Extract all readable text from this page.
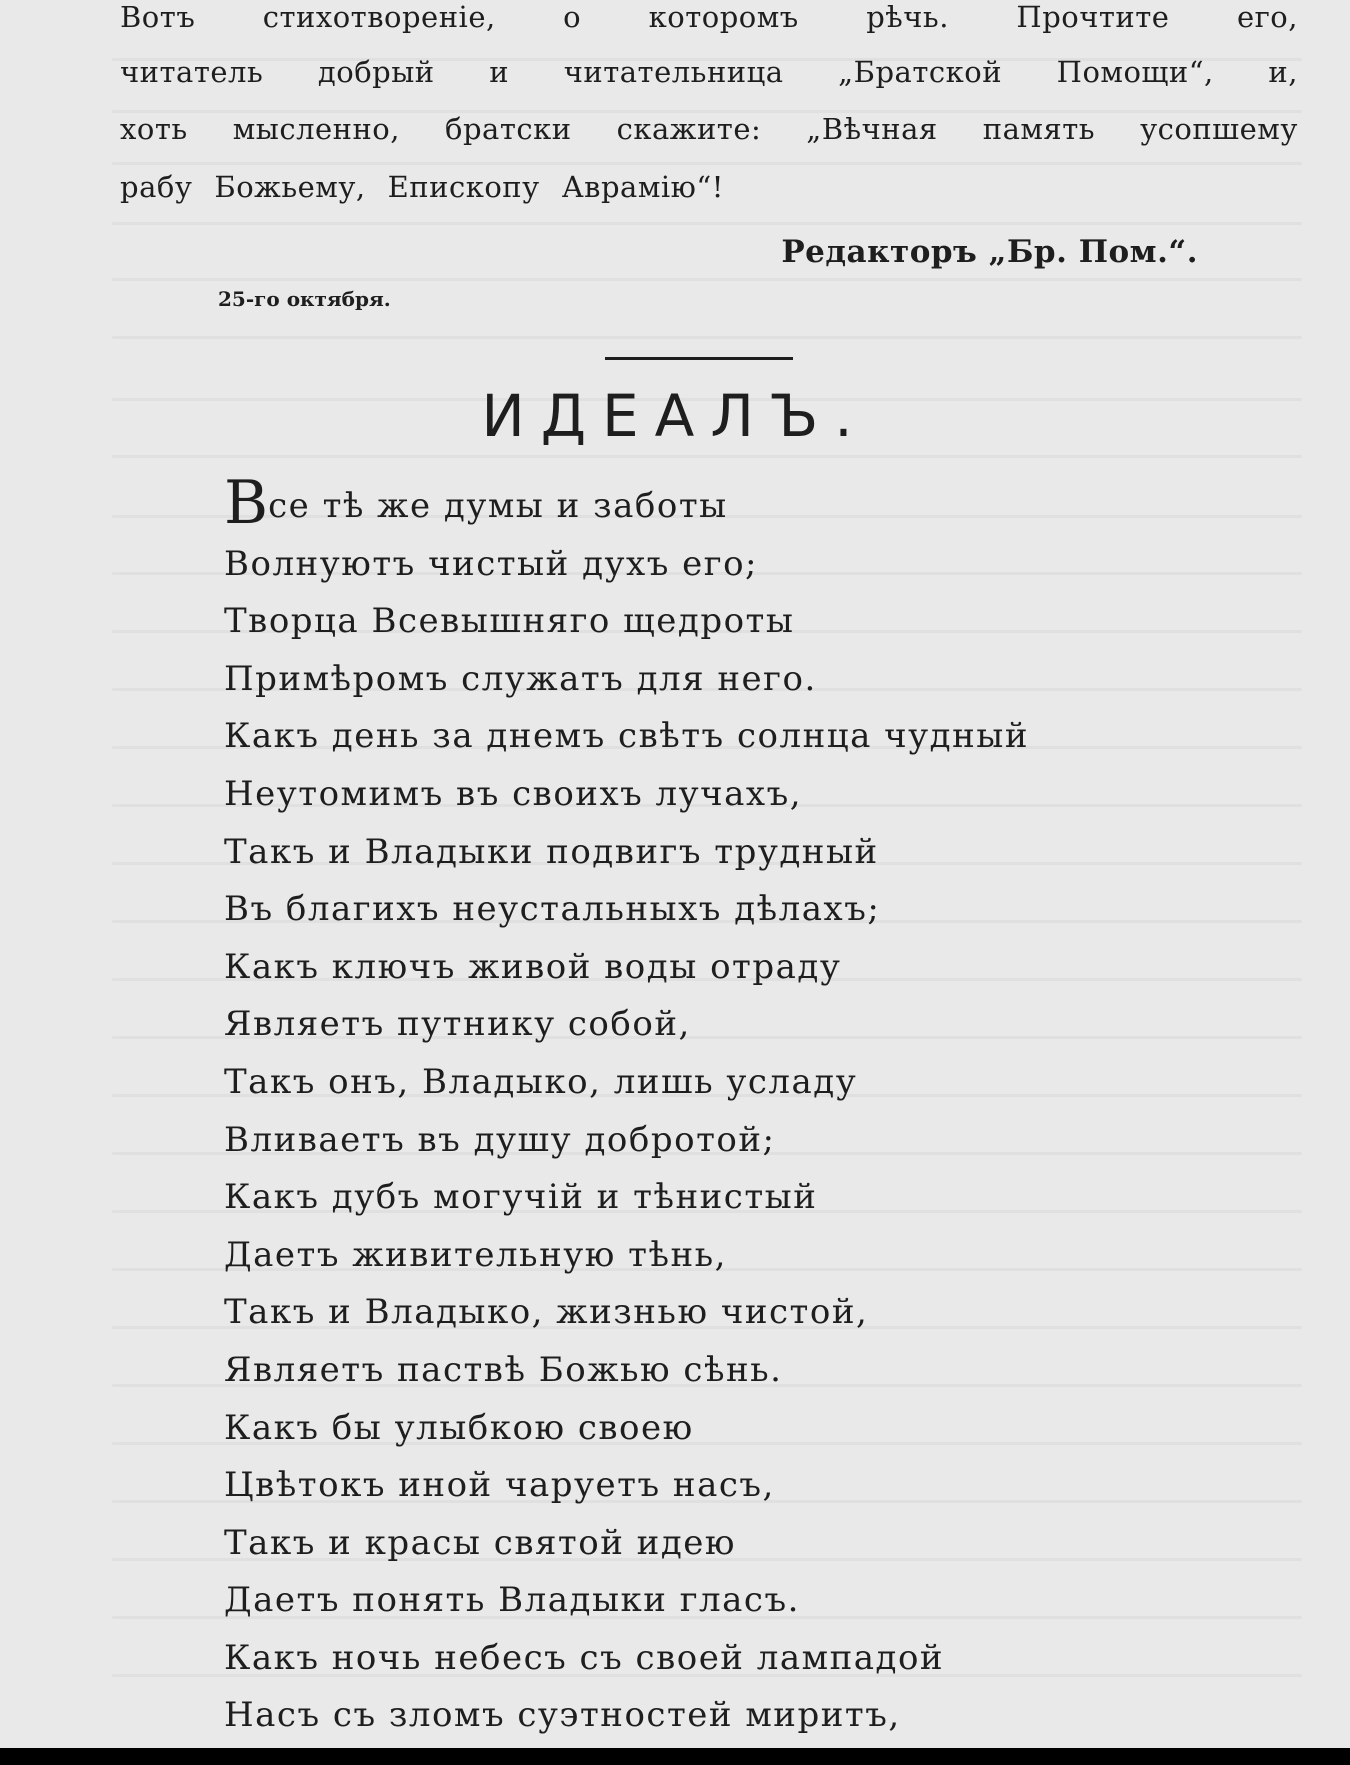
Вотъ стихотвореніе, о которомъ рѣчь. Прочтите его,
читатель добрый и читательница „Братской Помощи“, и,
хоть мысленно, братски скажите: „Вѣчная память усопшему
рабу Божьему, Епископу Аврамію“!
Редакторъ „Бр. Пом.“.
25-го октября.
ИДЕАЛЪ.
Все тѣ же думы и заботы
Волнуютъ чистый духъ его;
Творца Всевышняго щедроты
Примѣромъ служатъ для него.
Какъ день за днемъ свѣтъ солнца чудный
Неутомимъ въ своихъ лучахъ,
Такъ и Владыки подвигъ трудный
Въ благихъ неустальныхъ дѣлахъ;
Какъ ключъ живой воды отраду
Являетъ путнику собой,
Такъ онъ, Владыко, лишь усладу
Вливаетъ въ душу добротой;
Какъ дубъ могучій и тѣнистый
Даетъ живительную тѣнь,
Такъ и Владыко, жизнью чистой,
Являетъ паствѣ Божью сѣнь.
Какъ бы улыбкою своею
Цвѣтокъ иной чаруетъ насъ,
Такъ и красы святой идею
Даетъ понять Владыки гласъ.
Какъ ночь небесъ съ своей лампадой
Насъ съ зломъ суэтностей миритъ,
